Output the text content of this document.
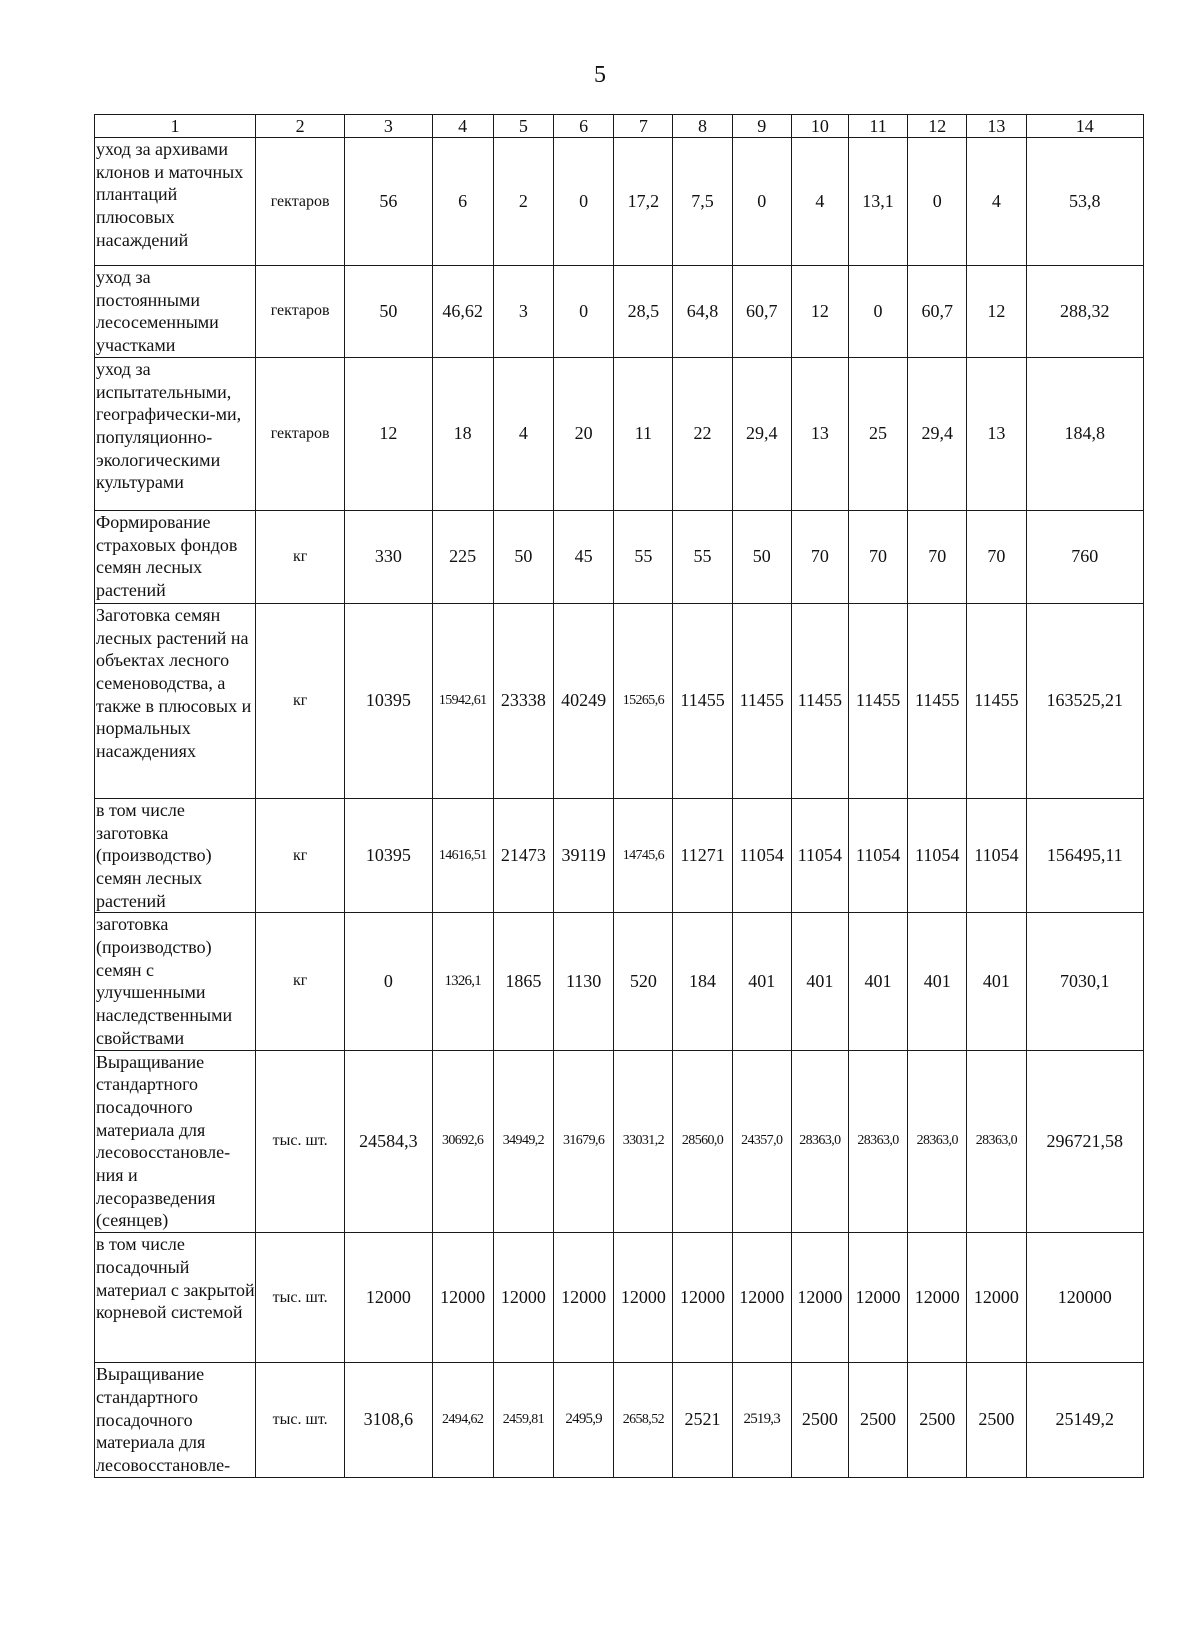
5
1	2	3	4	5	6	7	8	9	10	11	12	13	14
уход за архивами клонов и маточных плантаций плюсовых насаждений	гектаров	56	6	2	0	17,2	7,5	0	4	13,1	0	4	53,8
уход за постоянными лесосеменными участками	гектаров	50	46,62	3	0	28,5	64,8	60,7	12	0	60,7	12	288,32
уход за испытательными, географически-ми, популяционно-экологическими культурами	гектаров	12	18	4	20	11	22	29,4	13	25	29,4	13	184,8
Формирование страховых фондов семян лесных растений	кг	330	225	50	45	55	55	50	70	70	70	70	760
Заготовка семян лесных растений на объектах лесного семеноводства, а также в плюсовых и нормальных насаждениях	кг	10395	15942,61	23338	40249	15265,6	11455	11455	11455	11455	11455	11455	163525,21
в том числе заготовка (производство) семян лесных растений	кг	10395	14616,51	21473	39119	14745,6	11271	11054	11054	11054	11054	11054	156495,11
заготовка (производство) семян с улучшенными наследственными свойствами	кг	0	1326,1	1865	1130	520	184	401	401	401	401	401	7030,1
Выращивание стандартного посадочного материала для лесовосстановле-ния и лесоразведения (сеянцев)	тыс. шт.	24584,3	30692,6	34949,2	31679,6	33031,2	28560,0	24357,0	28363,0	28363,0	28363,0	28363,0	296721,58
в том числе посадочный материал с закрытой корневой системой	тыс. шт.	12000	12000	12000	12000	12000	12000	12000	12000	12000	12000	12000	120000
Выращивание стандартного посадочного материала для лесовосстановле-	тыс. шт.	3108,6	2494,62	2459,81	2495,9	2658,52	2521	2519,3	2500	2500	2500	2500	25149,2
